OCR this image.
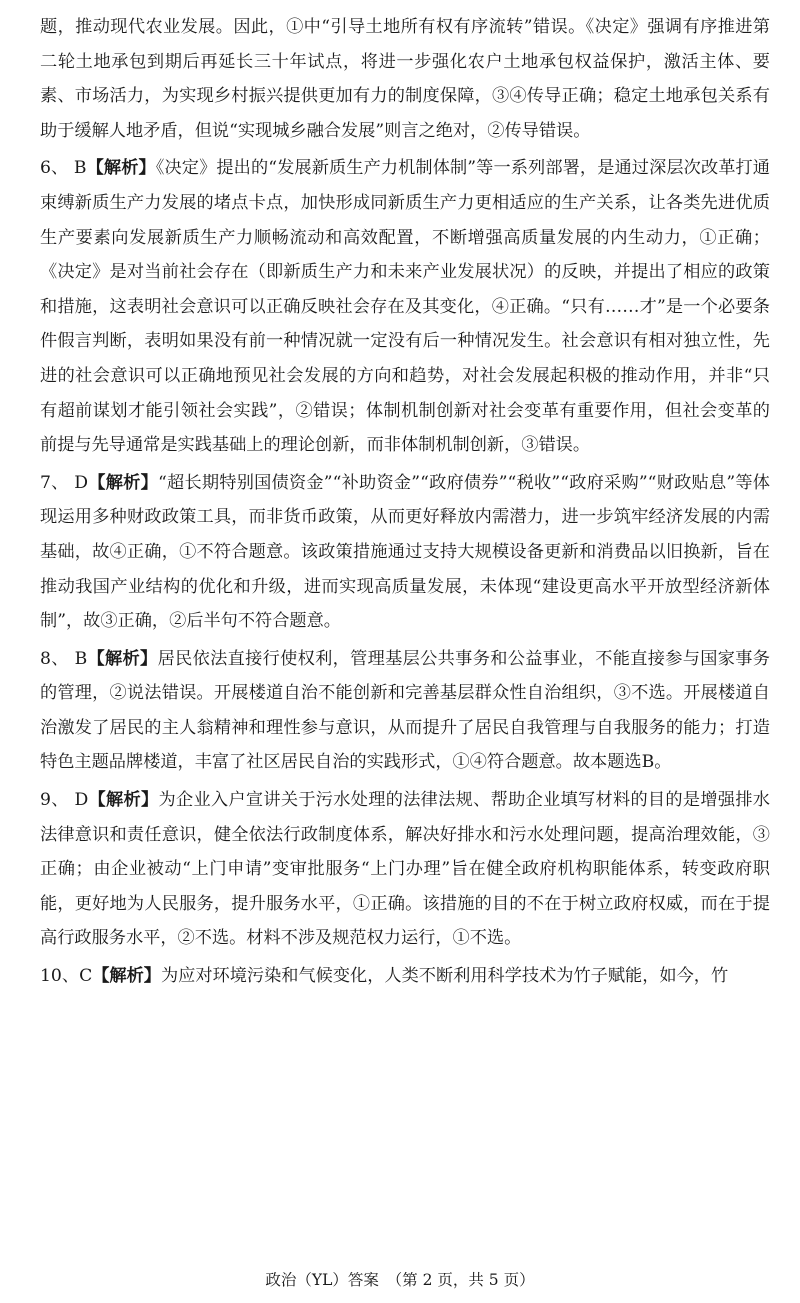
题，推动现代农业发展。因此，①中“引导土地所有权有序流转”错误。《决定》强调有序推进第二轮土地承包到期后再延长三十年试点，将进一步强化农户土地承包权益保护，激活主体、要素、市场活力，为实现乡村振兴提供更加有力的制度保障，③④传导正确；稳定土地承包关系有助于缓解人地矛盾，但说“实现城乡融合发展”则言之绝对，②传导错误。

6、 B【解析】《决定》提出的“发展新质生产力机制体制”等一系列部署，是通过深层次改革打通束缚新质生产力发展的堵点卡点，加快形成同新质生产力更相适应的生产关系，让各类先进优质生产要素向发展新质生产力顺畅流动和高效配置，不断增强高质量发展的内生动力，①正确；《决定》是对当前社会存在（即新质生产力和未来产业发展状况）的反映，并提出了相应的政策和措施，这表明社会意识可以正确反映社会存在及其变化，④正确。“只有……才”是一个必要条件假言判断，表明如果没有前一种情况就一定没有后一种情况发生。社会意识有相对独立性，先进的社会意识可以正确地预见社会发展的方向和趋势，对社会发展起积极的推动作用，并非“只有超前谋划才能引领社会实践”，②错误；体制机制创新对社会变革有重要作用，但社会变革的前提与先导通常是实践基础上的理论创新，而非体制机制创新，③错误。

7、 D【解析】“超长期特别国债资金”“补助资金”“政府债券”“税收”“政府采购”“财政贴息”等体现运用多种财政政策工具，而非货币政策，从而更好释放内需潜力，进一步筑牢经济发展的内需基础，故④正确，①不符合题意。该政策措施通过支持大规模设备更新和消费品以旧换新，旨在推动我国产业结构的优化和升级，进而实现高质量发展，未体现“建设更高水平开放型经济新体制”，故③正确，②后半句不符合题意。

8、 B【解析】居民依法直接行使权利，管理基层公共事务和公益事业，不能直接参与国家事务的管理，②说法错误。开展楼道自治不能创新和完善基层群众性自治组织，③不选。开展楼道自治激发了居民的主人翁精神和理性参与意识，从而提升了居民自我管理与自我服务的能力；打造特色主题品牌楼道，丰富了社区居民自治的实践形式，①④符合题意。故本题选B。

9、 D【解析】为企业入户宣讲关于污水处理的法律法规、帮助企业填写材料的目的是增强排水法律意识和责任意识，健全依法行政制度体系，解决好排水和污水处理问题，提高治理效能，③正确；由企业被动“上门申请”变审批服务“上门办理”旨在健全政府机构职能体系，转变政府职能，更好地为人民服务，提升服务水平，①正确。该措施的目的不在于树立政府权威，而在于提高行政服务水平，②不选。材料不涉及规范权力运行，①不选。

10、C【解析】为应对环境污染和气候变化，人类不断利用科学技术为竹子赋能，如今，竹

政治（YL）答案　（第 2 页，共 5 页）
